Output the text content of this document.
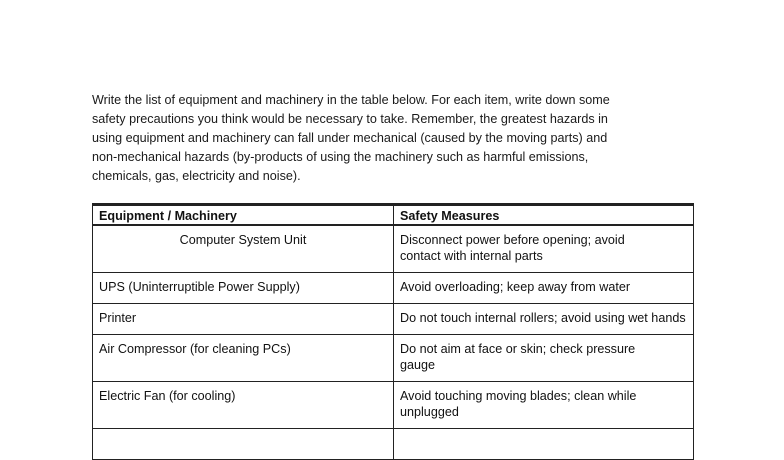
Write the list of equipment and machinery in the table below. For each item, write down some
safety precautions you think would be necessary to take. Remember, the greatest hazards in
using equipment and machinery can fall under mechanical (caused by the moving parts) and
non-mechanical hazards (by-products of using the machinery such as harmful emissions,
chemicals, gas, electricity and noise).
Equipment / Machinery	Safety Measures
Computer System Unit	Disconnect power before opening; avoid
contact with internal parts

UPS (Uninterruptible Power Supply)	Avoid overloading; keep away from water

Printer	Do not touch internal rollers; avoid using wet hands

Air Compressor (for cleaning PCs)	Do not aim at face or skin; check pressure
gauge

Electric Fan (for cooling)	Avoid touching moving blades; clean while
unplugged
